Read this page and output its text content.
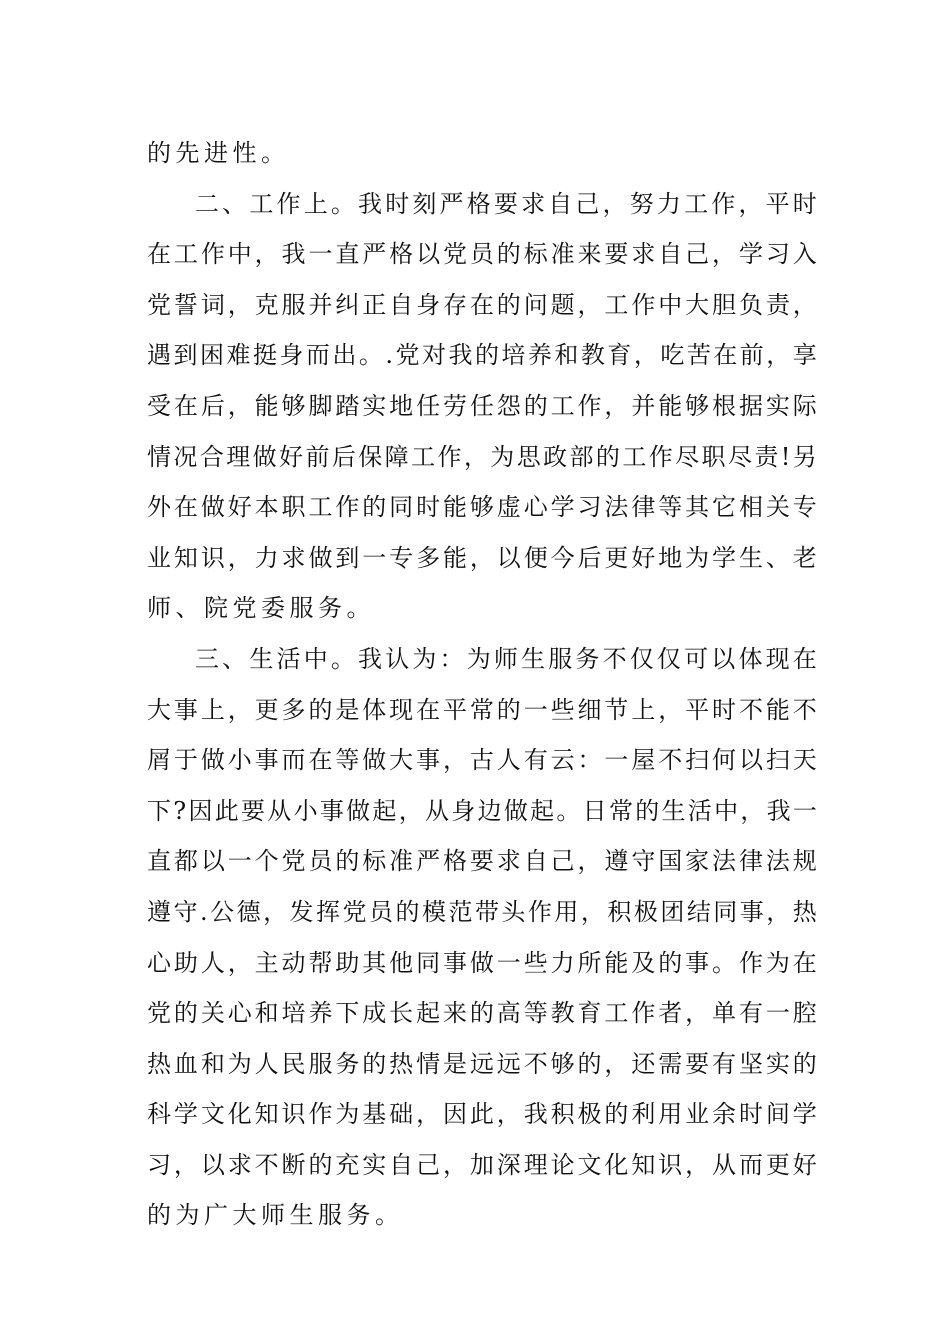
的先进性。
二 、 工 作 上 。 我 时 刻 严 格 要 求 自 己 ， 努 力 工 作 ， 平 时
在 工 作 中 ， 我 一 直 严 格 以 党 员 的 标 准 来 要 求 自 己 ， 学 习 入
党 誓 词 ， 克 服 并 纠 正 自 身 存 在 的 问 题 ， 工 作 中 大 胆 负 责 ，
遇 到 困 难 挺 身 而 出 。 . 党 对 我 的 培 养 和 教 育 ， 吃 苦 在 前 ， 享
受 在 后 ， 能 够 脚 踏 实 地 任 劳 任 怨 的 工 作 ， 并 能 够 根 据 实 际
情 况 合 理 做 好 前 后 保 障 工 作 ， 为 思 政 部 的 工 作 尽 职 尽 责 ! 另
外 在 做 好 本 职 工 作 的 同 时 能 够 虚 心 学 习 法 律 等 其 它 相 关 专
业 知 识 ， 力 求 做 到 一 专 多 能 ， 以 便 今 后 更 好 地 为 学 生 、 老
师、院党委服务。
三 、 生 活 中 。 我 认 为 ： 为 师 生 服 务 不 仅 仅 可 以 体 现 在
大 事 上 ， 更 多 的 是 体 现 在 平 常 的 一 些 细 节 上 ， 平 时 不 能 不
屑 于 做 小 事 而 在 等 做 大 事 ， 古 人 有 云 ： 一 屋 不 扫 何 以 扫 天
下 ? 因 此 要 从 小 事 做 起 ， 从 身 边 做 起 。 日 常 的 生 活 中 ， 我 一
直 都 以 一 个 党 员 的 标 准 严 格 要 求 自 己 ， 遵 守 国 家 法 律 法 规
遵 守 . 公 德 ， 发 挥 党 员 的 模 范 带 头 作 用 ， 积 极 团 结 同 事 ， 热
心 助 人 ， 主 动 帮 助 其 他 同 事 做 一 些 力 所 能 及 的 事 。 作 为 在
党 的 关 心 和 培 养 下 成 长 起 来 的 高 等 教 育 工 作 者 ， 单 有 一 腔
热 血 和 为 人 民 服 务 的 热 情 是 远 远 不 够 的 ， 还 需 要 有 坚 实 的
科 学 文 化 知 识 作 为 基 础 ， 因 此 ， 我 积 极 的 利 用 业 余 时 间 学
习 ， 以 求 不 断 的 充 实 自 己 ， 加 深 理 论 文 化 知 识 ， 从 而 更 好
的为广大师生服务。
